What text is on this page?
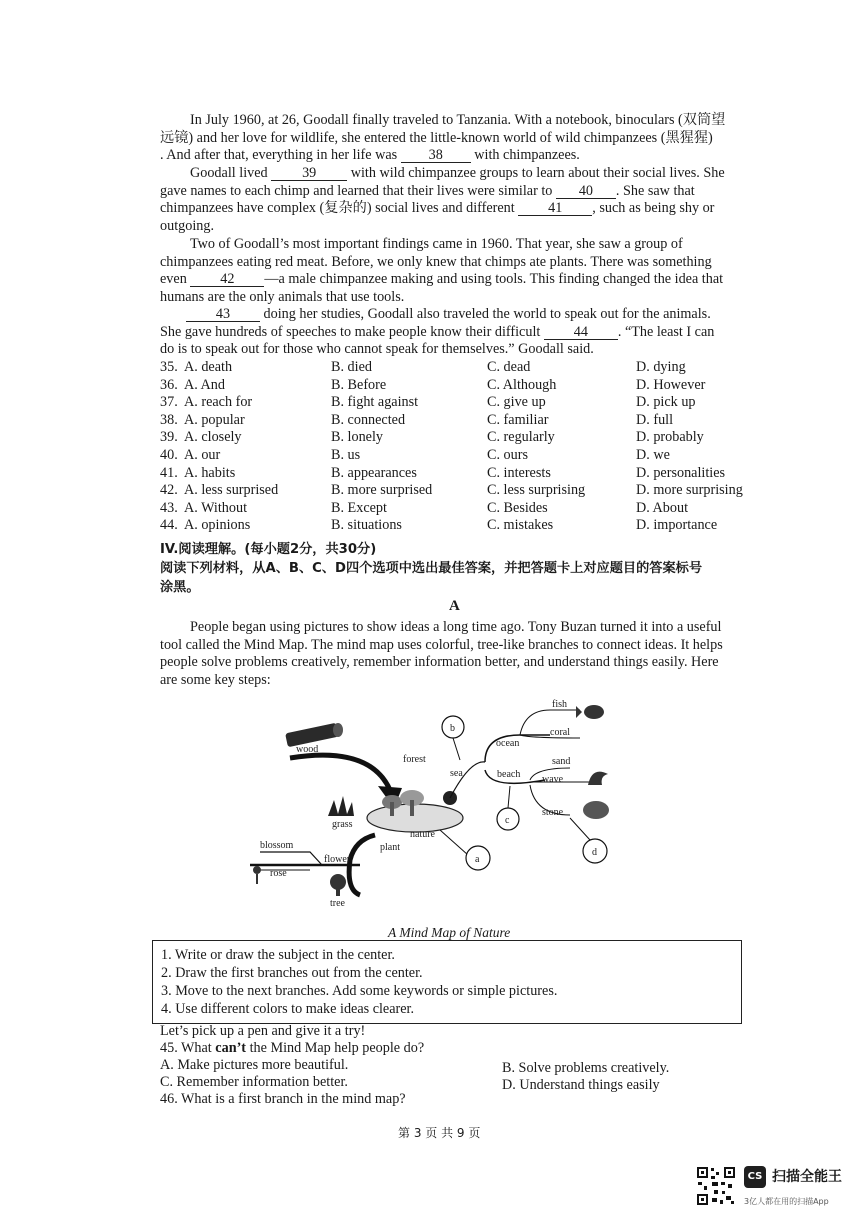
In July 1960, at 26, Goodall finally traveled to Tanzania. With a notebook, binoculars (双筒望
远镜) and her love for wildlife, she entered the little-known world of wild chimpanzees (黑猩猩)
. And after that, everything in her life was 38 with chimpanzees.
Goodall lived 39 with wild chimpanzee groups to learn about their social lives. She
gave names to each chimp and learned that their lives were similar to 40 . She saw that
chimpanzees have complex (复杂的) social lives and different 41 , such as being shy or
outgoing.
Two of Goodall’s most important findings came in 1960. That year, she saw a group of
chimpanzees eating red meat. Before, we only knew that chimps ate plants. There was something
even 42 —a male chimpanzee making and using tools. This finding changed the idea that
humans are the only animals that use tools.
43 doing her studies, Goodall also traveled the world to speak out for the animals.
She gave hundreds of speeches to make people know their difficult 44 . “The least I can
do is to speak out for those who cannot speak for themselves.” Goodall said.
35. A. death	B. died	C. dead	D. dying
36. A. And	B. Before	C. Although	D. However
37. A. reach for	B. fight against	C. give up	D. pick up
38. A. popular	B. connected	C. familiar	D. full
39. A. closely	B. lonely	C. regularly	D. probably
40. A. our	B. us	C. ours	D. we
41. A. habits	B. appearances	C. interests	D. personalities
42. A. less surprised	B. more surprised	C. less surprising	D. more surprising
43. A. Without	B. Except	C. Besides	D. About
44. A. opinions	B. situations	C. mistakes	D. importance
IV.阅读理解。(每小题2分，共30分)
阅读下列材料，从A、B、C、D四个选项中选出最佳答案，并把答题卡上对应题目的答案标号
涂黑。
A
People began using pictures to show ideas a long time ago. Tony Buzan turned it into a useful
tool called the Mind Map. The mind map uses colorful, tree-like branches to connect ideas. It helps
people solve problems creatively, remember information better, and understand things easily. Here
are some key steps:
wood
forest
grass
nature
a
plant
flower
blossom
rose
tree
sea
b
ocean
fish
coral
beach
sand
wave
stone
c
d
A Mind Map of Nature
1. Write or draw the subject in the center.
2. Draw the first branches out from the center.
3. Move to the next branches. Add some keywords or simple pictures.
4. Use different colors to make ideas clearer.
Let’s pick up a pen and give it a try!
45. What can’t the Mind Map help people do?
A. Make pictures more beautiful.	B. Solve problems creatively.
C. Remember information better.	D. Understand things easily
46. What is a first branch in the mind map?
第 3 页 共 9 页
CS 扫描全能王
3亿人都在用的扫描App
